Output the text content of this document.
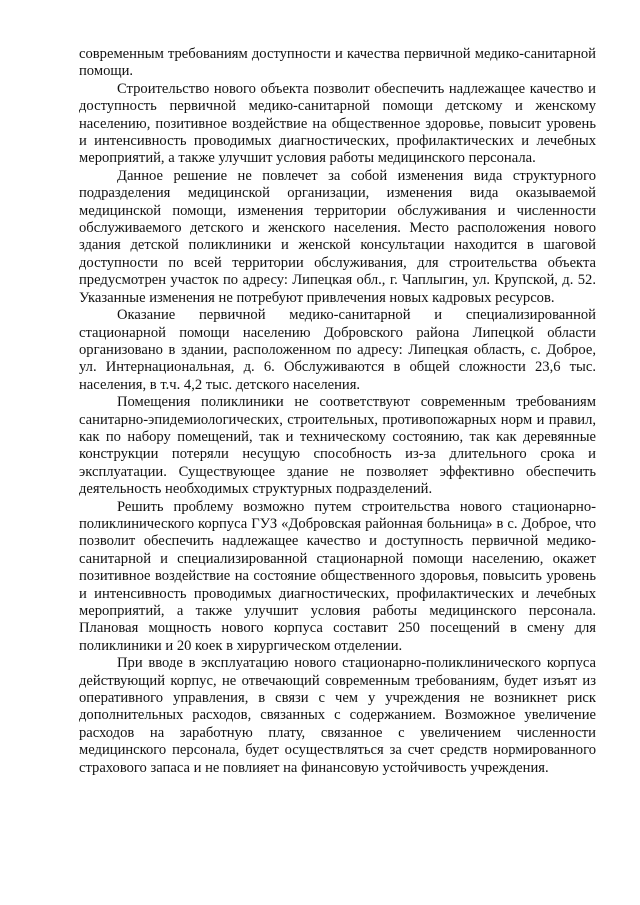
современным требованиям доступности и качества первичной медико-санитарной помощи.

Строительство нового объекта позволит обеспечить надлежащее качество и доступность первичной медико-санитарной помощи детскому и женскому населению, позитивное воздействие на общественное здоровье, повысит уровень и интенсивность проводимых диагностических, профилактических и лечебных мероприятий, а также улучшит условия работы медицинского персонала.

Данное решение не повлечет за собой изменения вида структурного подразделения медицинской организации, изменения вида оказываемой медицинской помощи, изменения территории обслуживания и численности обслуживаемого детского и женского населения. Место расположения нового здания детской поликлиники и женской консультации находится в шаговой доступности по всей территории обслуживания, для строительства объекта предусмотрен участок по адресу: Липецкая обл., г. Чаплыгин, ул. Крупской, д. 52. Указанные изменения не потребуют привлечения новых кадровых ресурсов.

Оказание первичной медико-санитарной и специализированной стационарной помощи населению Добровского района Липецкой области организовано в здании, расположенном по адресу: Липецкая область, с. Доброе, ул. Интернациональная, д. 6. Обслуживаются в общей сложности 23,6 тыс. населения, в т.ч. 4,2 тыс. детского населения.

Помещения поликлиники не соответствуют современным требованиям санитарно-эпидемиологических, строительных, противопожарных норм и правил, как по набору помещений, так и техническому состоянию, так как деревянные конструкции потеряли несущую способность из-за длительного срока и эксплуатации. Существующее здание не позволяет эффективно обеспечить деятельность необходимых структурных подразделений.

Решить проблему возможно путем строительства нового стационарно-поликлинического корпуса ГУЗ «Добровская районная больница» в с. Доброе, что позволит обеспечить надлежащее качество и доступность первичной медико-санитарной и специализированной стационарной помощи населению, окажет позитивное воздействие на состояние общественного здоровья, повысить уровень и интенсивность проводимых диагностических, профилактических и лечебных мероприятий, а также улучшит условия работы медицинского персонала. Плановая мощность нового корпуса составит 250 посещений в смену для поликлиники и 20 коек в хирургическом отделении.

При вводе в эксплуатацию нового стационарно-поликлинического корпуса действующий корпус, не отвечающий современным требованиям, будет изъят из оперативного управления, в связи с чем у учреждения не возникнет риск дополнительных расходов, связанных с содержанием. Возможное увеличение расходов на заработную плату, связанное с увеличением численности медицинского персонала, будет осуществляться за счет средств нормированного страхового запаса и не повлияет на финансовую устойчивость учреждения.
